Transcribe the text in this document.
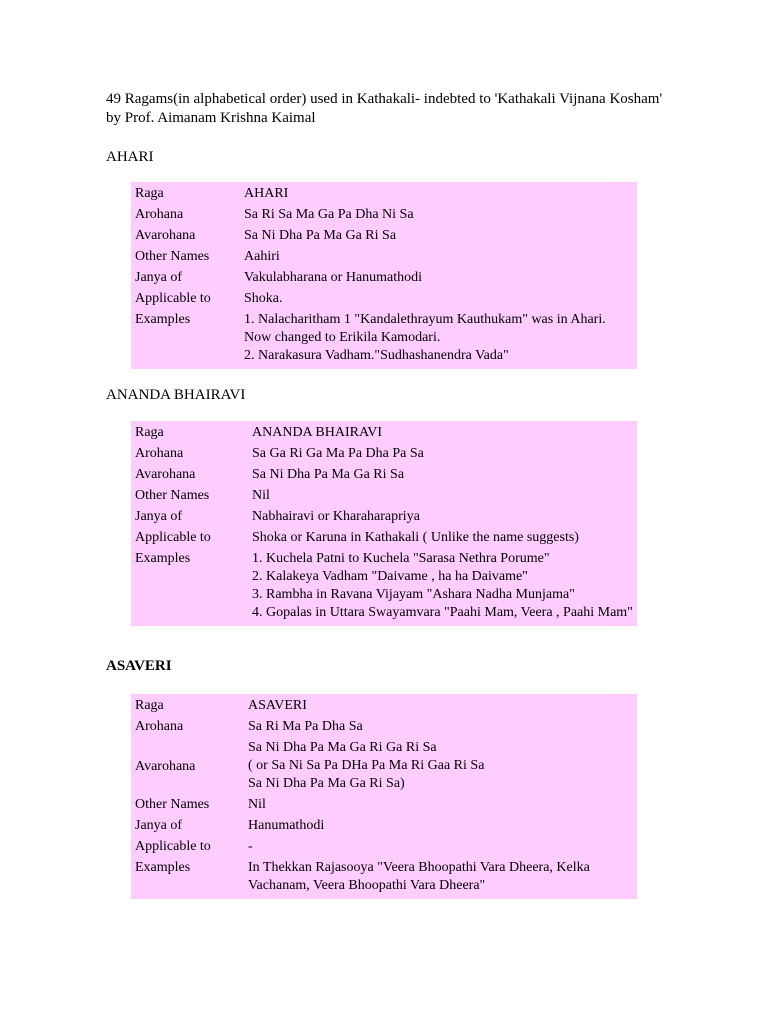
49 Ragams(in alphabetical order) used in Kathakali- indebted to 'Kathakali Vijnana Kosham' by Prof. Aimanam Krishna Kaimal
AHARI
Raga	AHARI
Arohana	Sa Ri Sa Ma Ga Pa Dha Ni Sa
Avarohana	Sa Ni Dha Pa Ma Ga Ri Sa
Other Names	Aahiri
Janya of	Vakulabharana or Hanumathodi
Applicable to	Shoka.
Examples	1. Nalacharitham 1 "Kandalethrayum Kauthukam" was in Ahari. Now changed to Erikila Kamodari.
2. Narakasura Vadham."Sudhashanendra Vada"
ANANDA BHAIRAVI
Raga	ANANDA BHAIRAVI
Arohana	Sa Ga Ri Ga Ma Pa Dha Pa Sa
Avarohana	Sa Ni Dha Pa Ma Ga Ri Sa
Other Names	Nil
Janya of	Nabhairavi or Kharaharapriya
Applicable to	Shoka or Karuna in Kathakali ( Unlike the name suggests)
Examples	1. Kuchela Patni to Kuchela "Sarasa Nethra Porume"
2. Kalakeya Vadham "Daivame , ha ha Daivame"
3. Rambha in Ravana Vijayam "Ashara Nadha Munjama"
4. Gopalas in Uttara Swayamvara "Paahi Mam, Veera , Paahi Mam"
ASAVERI
Raga	ASAVERI
Arohana	Sa Ri Ma Pa Dha Sa
Avarohana
Sa Ni Dha Pa Ma Ga Ri Ga Ri Sa
( or Sa Ni Sa Pa DHa Pa Ma Ri Gaa Ri Sa
Sa Ni Dha Pa Ma Ga Ri Sa)
Other Names	Nil
Janya of	Hanumathodi
Applicable to	-
Examples	In Thekkan Rajasooya "Veera Bhoopathi Vara Dheera, Kelka Vachanam, Veera Bhoopathi Vara Dheera"
